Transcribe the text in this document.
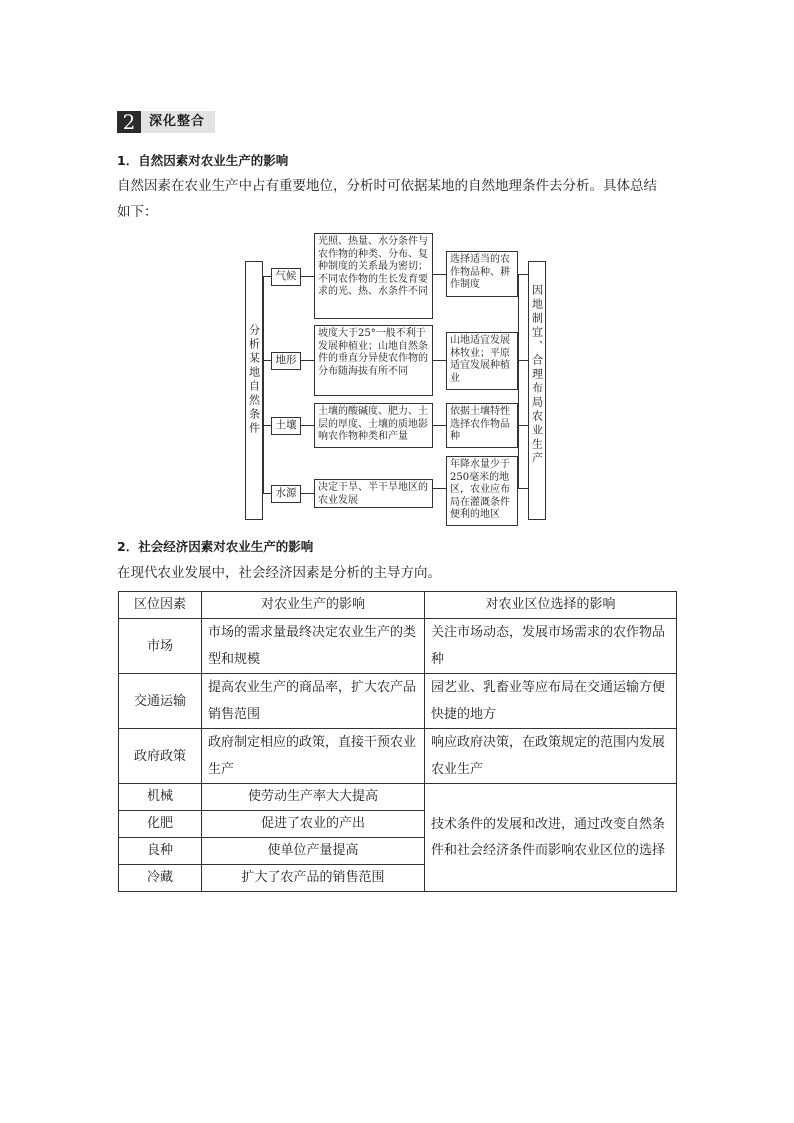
2	深化整合
1．自然因素对农业生产的影响
自然因素在农业生产中占有重要地位，分析时可依据某地的自然地理条件去分析。具体总结
如下：
分析某地自然条件	因地制宜、合理布局农业生产
气候
光照、热量、水分条件与农作物的种类、分布、复种制度的关系最为密切；不同农作物的生长发育要求的光、热、水条件不同
选择适当的农作物品种、耕作制度
地形
坡度大于25°一般不利于发展种植业；山地自然条件的垂直分异使农作物的分布随海拔有所不同
山地适宜发展林牧业；平原适宜发展种植业
土壤
土壤的酸碱度、肥力、土层的厚度、土壤的质地影响农作物种类和产量
依据土壤特性选择农作物品种
水源	决定干旱、半干旱地区的农业发展
年降水量少于250毫米的地区，农业应布局在灌溉条件便利的地区
2．社会经济因素对农业生产的影响
在现代农业发展中，社会经济因素是分析的主导方向。
区位因素	对农业生产的影响	对农业区位选择的影响
市场	市场的需求量最终决定农业生产的类型和规模	关注市场动态，发展市场需求的农作物品种
交通运输	提高农业生产的商品率，扩大农产品销售范围	园艺业、乳畜业等应布局在交通运输方便快捷的地方
政府政策	政府制定相应的政策，直接干预农业生产	响应政府决策，在政策规定的范围内发展农业生产
机械	使劳动生产率大大提高	技术条件的发展和改进，通过改变自然条件和社会经济条件而影响农业区位的选择
化肥	促进了农业的产出	
良种	使单位产量提高	
冷藏	扩大了农产品的销售范围	
